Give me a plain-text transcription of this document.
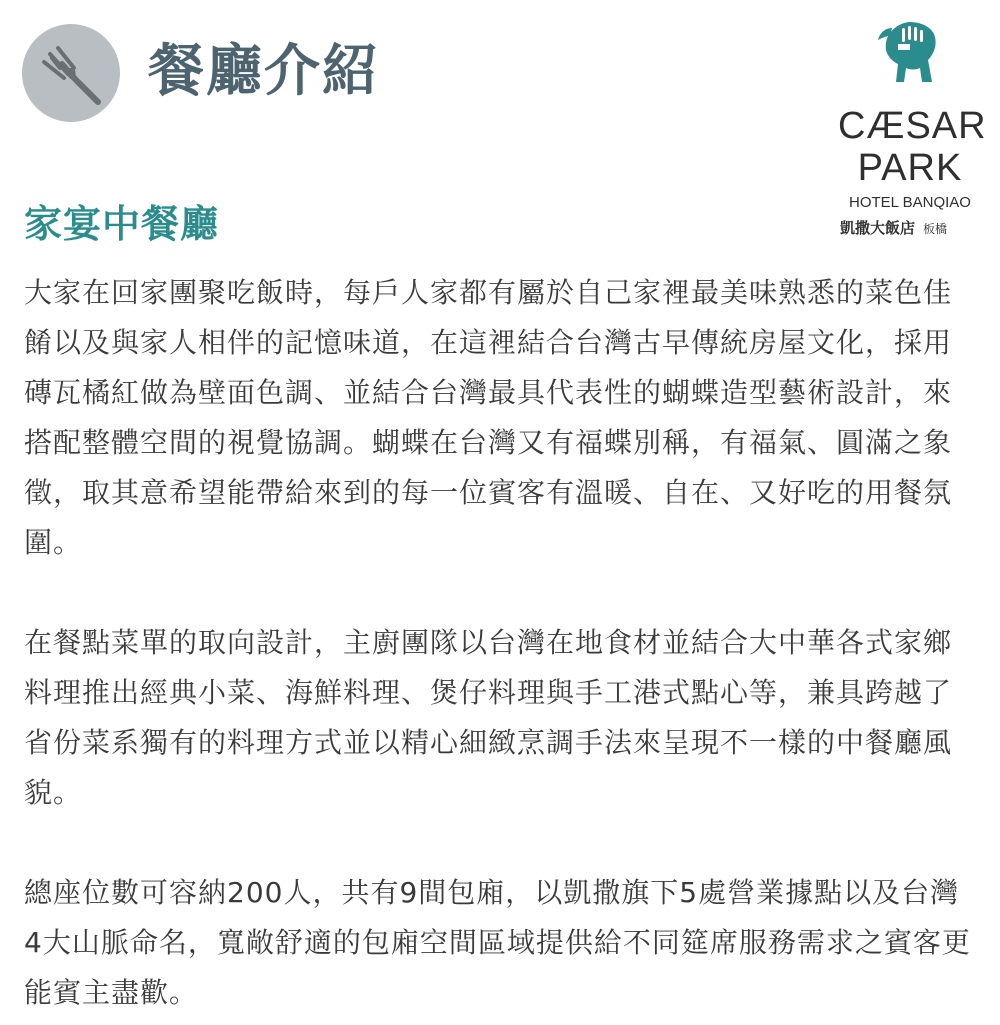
餐廳介紹
CÆSAR
PARK
HOTEL BANQIAO
凱撒大飯店 板橋
家宴中餐廳

大家在回家團聚吃飯時，每戶人家都有屬於自己家裡最美味熟悉的菜色佳餚以及與家人相伴的記憶味道，在這裡結合台灣古早傳統房屋文化，採用磚瓦橘紅做為壁面色調、並結合台灣最具代表性的蝴蝶造型藝術設計，來搭配整體空間的視覺協調。蝴蝶在台灣又有福蝶別稱，有福氣、圓滿之象徵，取其意希望能帶給來到的每一位賓客有溫暖、自在、又好吃的用餐氛圍。

在餐點菜單的取向設計，主廚團隊以台灣在地食材並結合大中華各式家鄉料理推出經典小菜、海鮮料理、煲仔料理與手工港式點心等，兼具跨越了省份菜系獨有的料理方式並以精心細緻烹調手法來呈現不一樣的中餐廳風貌。

總座位數可容納200人，共有9間包廂，以凱撒旗下5處營業據點以及台灣4大山脈命名，寬敞舒適的包廂空間區域提供給不同筵席服務需求之賓客更能賓主盡歡。
